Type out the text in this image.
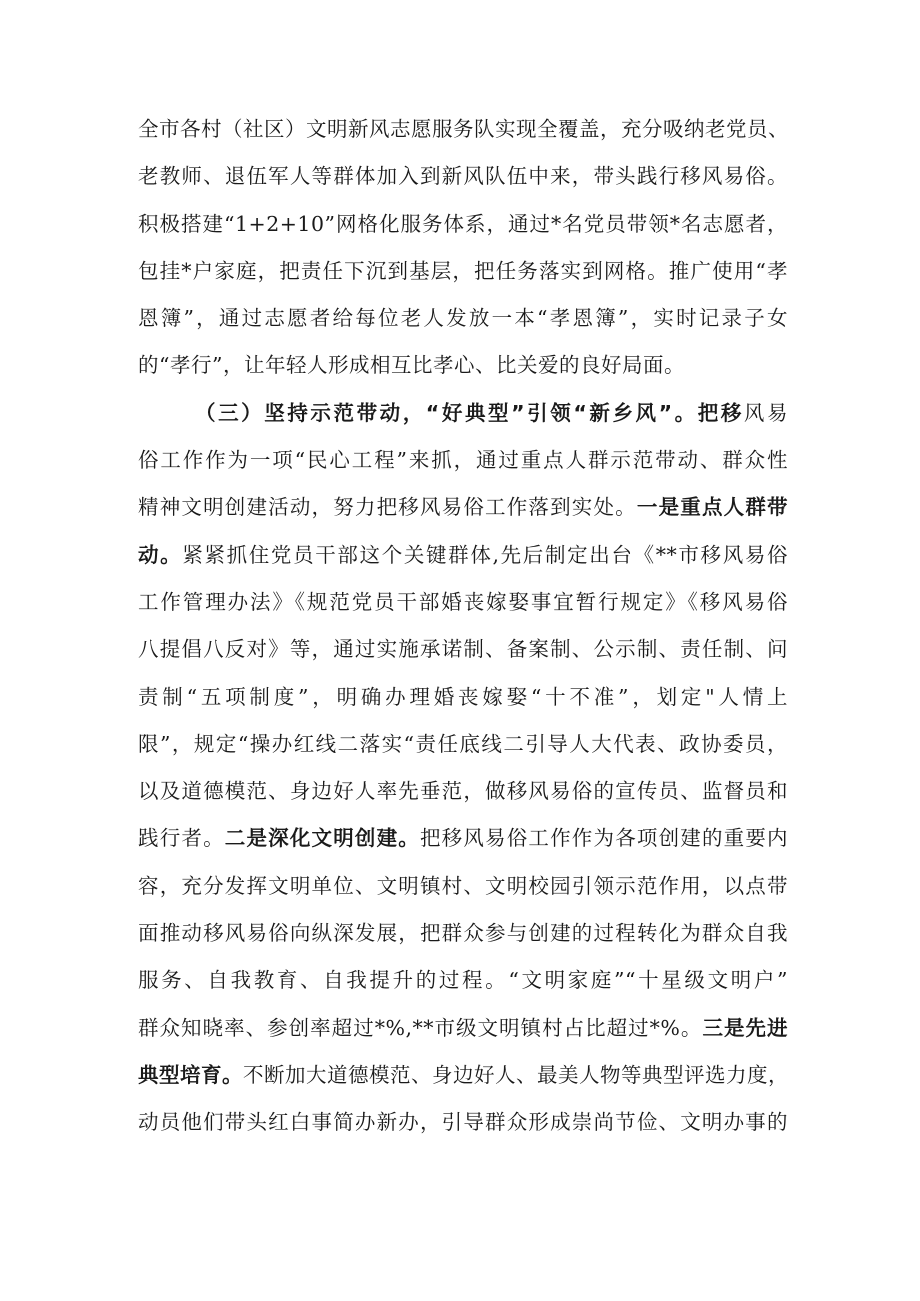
全市各村（社区）文明新风志愿服务队实现全覆盖，充分吸纳老党员、
老教师、退伍军人等群体加入到新风队伍中来，带头践行移风易俗。
积极搭建“1+2+10”网格化服务体系，通过*名党员带领*名志愿者，
包挂*户家庭，把责任下沉到基层，把任务落实到网格。推广使用“孝
恩簿”，通过志愿者给每位老人发放一本“孝恩簿”，实时记录子女
的“孝行”，让年轻人形成相互比孝心、比关爱的良好局面。
（三）坚持示范带动，“好典型”引领“新乡风”。把移风易
俗工作作为一项“民心工程”来抓，通过重点人群示范带动、群众性
精神文明创建活动，努力把移风易俗工作落到实处。一是重点人群带
动。紧紧抓住党员干部这个关键群体,先后制定出台《**市移风易俗
工作管理办法》《规范党员干部婚丧嫁娶事宜暂行规定》《移风易俗
八提倡八反对》等，通过实施承诺制、备案制、公示制、责任制、问
责制“五项制度”，明确办理婚丧嫁娶“十不准”，划定"人情上
限”，规定“操办红线二落实“责任底线二引导人大代表、政协委员，
以及道德模范、身边好人率先垂范，做移风易俗的宣传员、监督员和
践行者。二是深化文明创建。把移风易俗工作作为各项创建的重要内
容，充分发挥文明单位、文明镇村、文明校园引领示范作用，以点带
面推动移风易俗向纵深发展，把群众参与创建的过程转化为群众自我
服务、自我教育、自我提升的过程。“文明家庭”“十星级文明户”
群众知晓率、参创率超过*%,**市级文明镇村占比超过*%。三是先进
典型培育。不断加大道德模范、身边好人、最美人物等典型评选力度，
动员他们带头红白事简办新办，引导群众形成崇尚节俭、文明办事的
